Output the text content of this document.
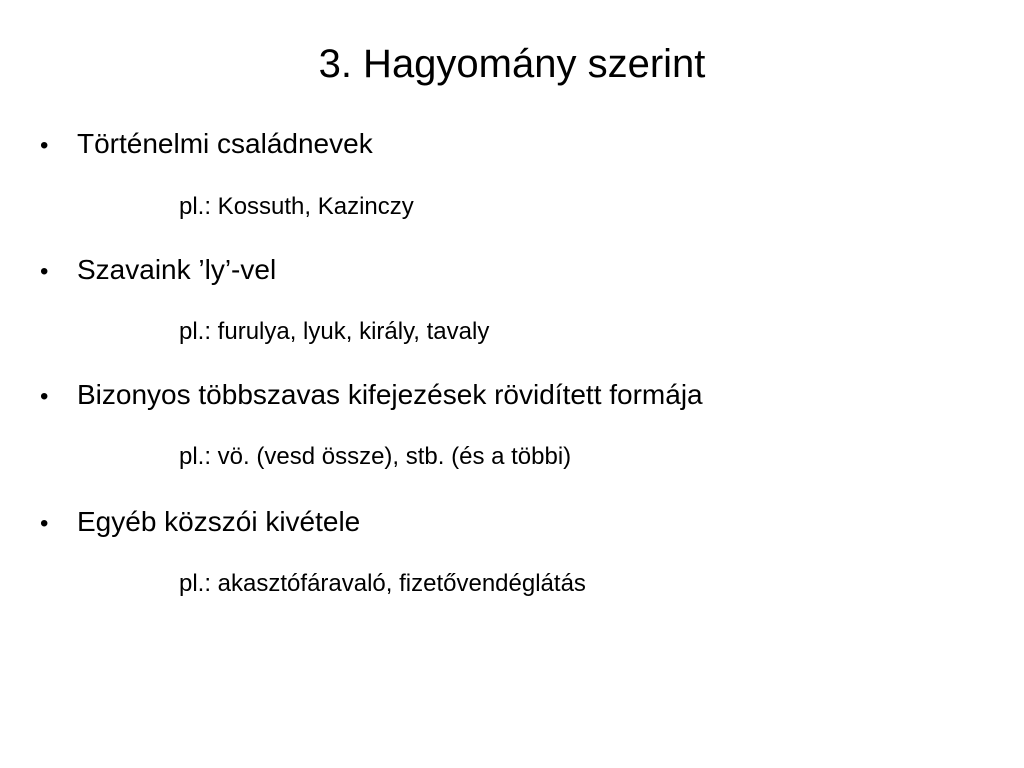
3. Hagyomány szerint
• Történelmi családnevek
pl.: Kossuth, Kazinczy
• Szavaink ’ly’-vel
pl.: furulya, lyuk, király, tavaly
• Bizonyos többszavas kifejezések rövidített formája
pl.: vö. (vesd össze), stb. (és a többi)
• Egyéb közszói kivétele
pl.: akasztófáravaló, fizetővendéglátás
